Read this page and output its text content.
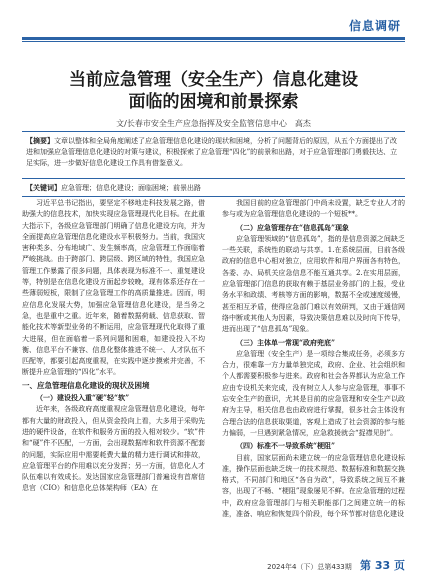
信息调研
当前应急管理（安全生产）信息化建设
面临的困境和前景探索
文/长春市安全生产应急指挥及安全监管信息中心　高杰
【摘要】文章以整体和全局角度阐述了应急管理信息化建设的现状和困境，分析了问题背后的原因，从五个方面提出了改进和加强应急管理信息化建设的对策与建议，积极探索了应急管理“四化”的前景和出路，对于应急管理部门勇毅扶达、立足实际，进一步做好信息化建设工作具有借鉴意义。
【关键词】应急管理；信息化建设；面临困境；前景出路

习近平总书记指出，要坚定不移地走科技发展之路，借助强大的信息技术，加快实现应急管理现代化目标。在此重大指示下，各级应急管理部门明确了信息化建设方向，并为全面提高应急管理信息化建设水平积极努力。当前，我国灾害种类多、分布地域广、发生频率高，应急管理工作面临着严峻挑战。由于跨部门、跨层级、跨区域的特性，我国应急管理工作暴露了很多问题，具体表现为标准不一、重复建设等，特别是在信息化建设方面起步较晚，现有体系还存在一些薄弱短板，限制了应急管理工作的高质量推进。因而，明应信息化发展大势，加强应急管理信息化建设，是当务之急，也是重中之重。近年来，随着数据荷载、信息获取、智能化技术等新型业务的不断运用，应急管理现代化取得了重大进展，但在面临着一系列问题和困难，如建设投入不均衡、信息平台不兼容、信息化整体推进不统一、人才队伍不匹配等，都要引起高度重视，在实践中逐步摸索并完善，不断提升应急管理的“四化”水平。

一、应急管理信息化建设的现状及困境

（一）建设投入重“硬”轻“软”

近年来，各级政府高度重视应急管理信息化建设，每年都有大量的财政投入，但从资金投向上看，大多用于采购先进的硬件设备，在软件和服务方面的投入相对较少。“软”件和“硬”件不匹配，一方面，会出现数据库和软件资源不配套的问题，实际应用中需要耗费大量的精力进行调试和排故，应急管理平台的作用难以充分发挥；另一方面，信息化人才队伍难以有效成长。发达国家应急管理部门普遍设有首席信息官（CIO）和信息化总体架构师（EA）在

我国目前的应急管理部门中尚未设置，缺乏专业人才的参与或为应急管理信息化建设的一个短板**。

（二）应急管理存在“信息孤岛”现象

应急管理领域的“信息孤岛”，指的是信息资源之间缺乏一些关联，系统性的联动与共享。1.在系统层面，目前各级政府的信息中心相对独立，应用软件和用户界面各有特色，各委、办、局机关应急信息不能互通共享。2.在实用层面，应急管理部门信息的获取有赖于基层业务部门的上报，受业务水平和政绩、考核等方面的影响，数据不全或速度缓慢，甚至相互矛盾，使得应急部门难以有效研判，又由于通信网络中断或其他人为因素，导致决策信息难以及时向下传导，进而出现了“信息孤岛”现象。

（三）主体单一常现“政府兜底”

应急管理（安全生产）是一项综合集成任务，必须多方合力，很难靠一方力量单独完成，政府、企业、社会组织和个人都需要积极参与进来。政府和社会各界都认为应急工作应由专设机关来完成，没有树立人人参与应急管理，事事不忘安全生产的意识，尤其是目前的应急管理和安全生产以政府为主导，相关信息也由政府进行掌握，很多社会主体没有合理合法的信息获取渠道，客观上造成了社会资源的参与能力偏弱，一旦遇到紧急情况，应急救援就会“捉襟见肘”。

（四）标准不一导致系统“梗阻”

目前，国家层面尚未建立统一的应急管理信息化建设标准，操作层面也缺乏统一的技术规范、数据标准和数据交换格式，不同部门和地区“各自为政”，导致系统之间互不兼容，出现了不畅、“梗阻”现象屡见不鲜。在应急管理的过程中，政府应急管理部门与相关职能部门之间建立统一的标准，准备、响应和恢复四个阶段，每个环节都对信息化建设

2024年4（下）总第433期 第 33 页
